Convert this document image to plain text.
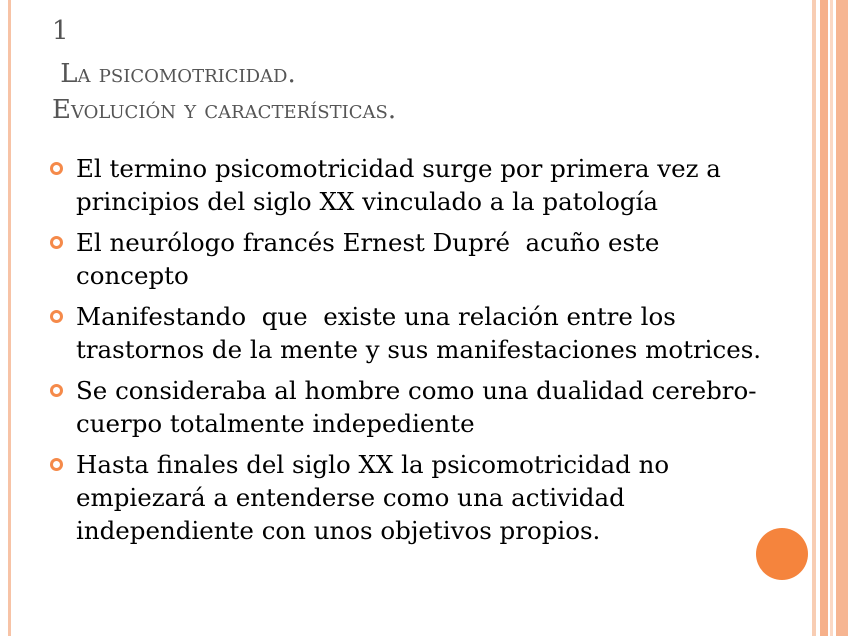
1
La psicomotricidad.
Evolución y características.
El termino psicomotricidad surge por primera vez a principios del siglo XX vinculado a la patología
El neurólogo francés Ernest Dupré  acuño este concepto
Manifestando  que  existe una relación entre los trastornos de la mente y sus manifestaciones motrices.
Se consideraba al hombre como una dualidad cerebro-cuerpo totalmente indepediente
Hasta finales del siglo XX la psicomotricidad no empiezará a entenderse como una actividad independiente con unos objetivos propios.
